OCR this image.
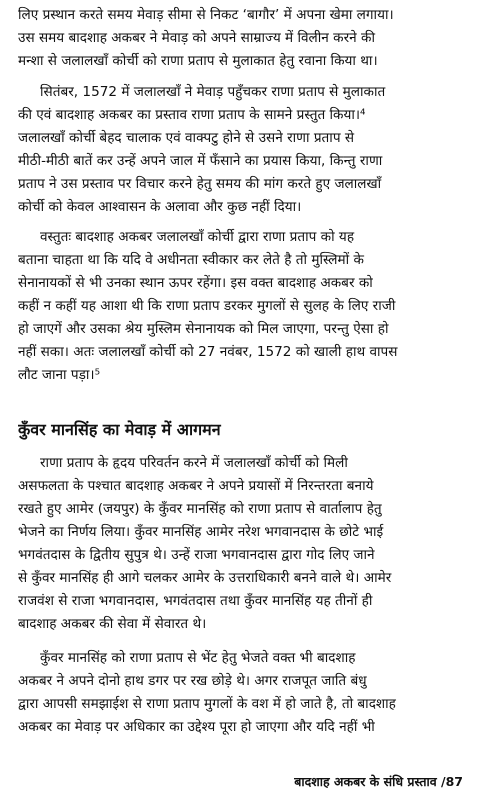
लिए प्रस्थान करते समय मेवाड़ सीमा से निकट ‘बागौर’ में अपना खेमा लगाया।
उस समय बादशाह अकबर ने मेवाड़ को अपने साम्राज्य में विलीन करने की
मन्शा से जलालखाँ कोर्ची को राणा प्रताप से मुलाकात हेतु रवाना किया था।
सितंबर, 1572 में जलालखाँ ने मेवाड़ पहुँचकर राणा प्रताप से मुलाकात
की एवं बादशाह अकबर का प्रस्ताव राणा प्रताप के सामने प्रस्तुत किया।⁴
जलालखाँ कोर्ची बेहद चालाक एवं वाक्पटु होने से उसने राणा प्रताप से
मीठी-मीठी बातें कर उन्हें अपने जाल में फँसाने का प्रयास किया, किन्तु राणा
प्रताप ने उस प्रस्ताव पर विचार करने हेतु समय की मांग करते हुए जलालखाँ
कोर्ची को केवल आश्वासन के अलावा और कुछ नहीं दिया।
वस्तुतः बादशाह अकबर जलालखाँ कोर्ची द्वारा राणा प्रताप को यह
बताना चाहता था कि यदि वे अधीनता स्वीकार कर लेते है तो मुस्लिमों के
सेनानायकों से भी उनका स्थान ऊपर रहेंगा। इस वक्त बादशाह अकबर को
कहीं न कहीं यह आशा थी कि राणा प्रताप डरकर मुगलों से सुलह के लिए राजी
हो जाएगें और उसका श्रेय मुस्लिम सेनानायक को मिल जाएगा, परन्तु ऐसा हो
नहीं सका। अतः जलालखाँ कोर्ची को 27 नवंबर, 1572 को खाली हाथ वापस
लौट जाना पड़ा।⁵
कुँवर मानसिंह का मेवाड़ में आगमन
राणा प्रताप के हृदय परिवर्तन करने में जलालखाँ कोर्ची को मिली
असफलता के पश्चात बादशाह अकबर ने अपने प्रयासों में निरन्तरता बनाये
रखते हुए आमेर (जयपुर) के कुँवर मानसिंह को राणा प्रताप से वार्तालाप हेतु
भेजने का निर्णय लिया। कुँवर मानसिंह आमेर नरेश भगवानदास के छोटे भाई
भगवंतदास के द्वितीय सुपुत्र थे। उन्हें राजा भगवानदास द्वारा गोद लिए जाने
से कुँवर मानसिंह ही आगे चलकर आमेर के उत्तराधिकारी बनने वाले थे। आमेर
राजवंश से राजा भगवानदास, भगवंतदास तथा कुँवर मानसिंह यह तीनों ही
बादशाह अकबर की सेवा में सेवारत थे।
कुँवर मानसिंह को राणा प्रताप से भेंट हेतु भेजते वक्त भी बादशाह
अकबर ने अपने दोनो हाथ डगर पर रख छोड़े थे। अगर राजपूत जाति बंधु
द्वारा आपसी समझाईश से राणा प्रताप मुगलों के वश में हो जाते है, तो बादशाह
अकबर का मेवाड़ पर अधिकार का उद्देश्य पूरा हो जाएगा और यदि नहीं भी
बादशाह अकबर के संधि प्रस्ताव /87
